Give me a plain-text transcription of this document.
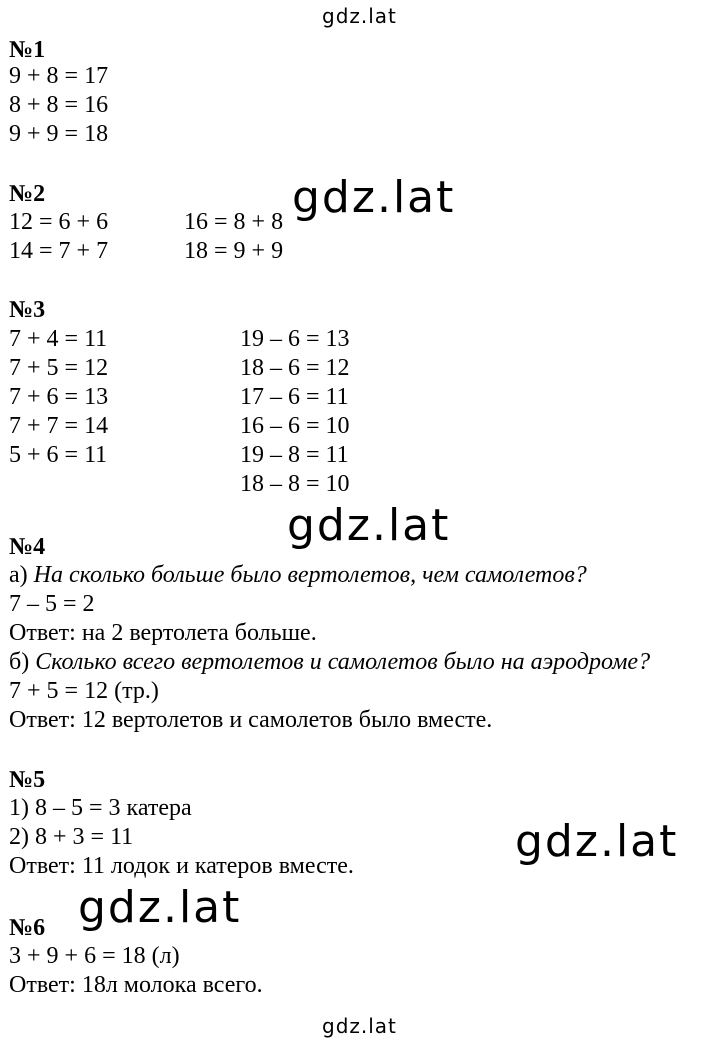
gdz.lat
№1
9 + 8 = 17
8 + 8 = 16
9 + 9 = 18
№2
12 = 6 + 6
14 = 7 + 7
16 = 8 + 8
18 = 9 + 9
№3
7 + 4 = 11
7 + 5 = 12
7 + 6 = 13
7 + 7 = 14
5 + 6 = 11
19 – 6 = 13
18 – 6 = 12
17 – 6 = 11
16 – 6 = 10
19 – 8 = 11
18 – 8 = 10
№4
а) На сколько больше было вертолетов, чем самолетов?
7 – 5 = 2
Ответ: на 2 вертолета больше.
б) Сколько всего вертолетов и самолетов было на аэродроме?
7 + 5 = 12 (тр.)
Ответ: 12 вертолетов и самолетов было вместе.
№5
1) 8 – 5 = 3 катера
2) 8 + 3 = 11
Ответ: 11 лодок и катеров вместе.
№6
3 + 9 + 6 = 18 (л)
Ответ: 18л молока всего.
gdz.lat
gdz.lat
gdz.lat
gdz.lat
gdz.lat
